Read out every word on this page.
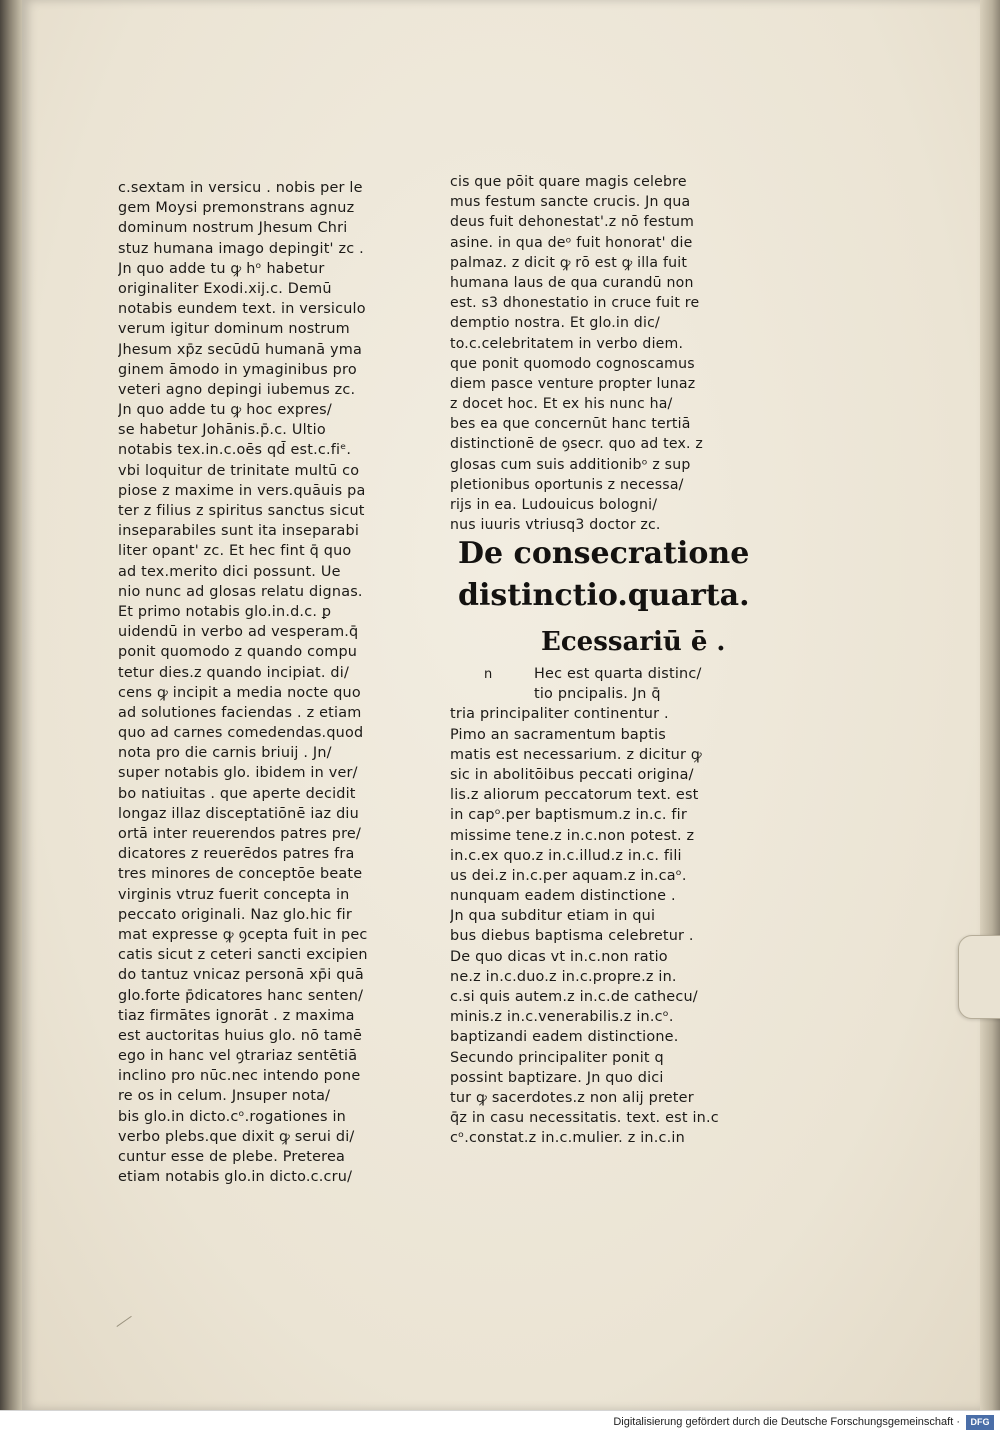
c.sextam in versicu . nobis per le
gem Moysi premonstrans agnuz
dominum nostrum Jhesum Chri
stuz humana imago depingit' zc .
Jn quo adde tu ꝙ hᵒ habetur
originaliter Exodi.xij.c. Demū
notabis eundem text. in versiculo
verum igitur dominum nostrum
Jhesum xp̄z secūdū humanā yma
ginem āmodo in ymaginibus pro
veteri agno depingi iubemus zc.
Jn quo adde tu ꝙ hoc expres/
se habetur Johānis.p̄.c. Ultio
notabis tex.in.c.oēs qd̄ est.c.fiᵉ.
vbi loquitur de trinitate multū co
piose z maxime in vers.quāuis pa
ter z filius z spiritus sanctus sicut
inseparabiles sunt ita inseparabi
liter opant' zc. Et hec fint q̄ quo
ad tex.merito dici possunt. Ue
nio nunc ad glosas relatu dignas.
Et primo notabis glo.in.d.c. ꝑ
uidendū in verbo ad vesperam.q̄
ponit quomodo z quando compu
tetur dies.z quando incipiat. di/
cens ꝙ incipit a media nocte quo
ad solutiones faciendas . z etiam
quo ad carnes comedendas.quod
nota pro die carnis briuij . Jn/
super notabis glo. ibidem in ver/
bo natiuitas . que aperte decidit
longaz illaz disceptatiōnē iaz diu
ortā inter reuerendos patres pre/
dicatores z reuerēdos patres fra
tres minores de conceptōe beate
virginis vtruz fuerit concepta in
peccato originali. Naz glo.hic fir
mat expresse ꝙ ꝯcepta fuit in pec
catis sicut z ceteri sancti excipien
do tantuz vnicaz personā xp̄i quā
glo.forte p̄dicatores hanc senten/
tiaz firmātes ignorāt . z maxima
est auctoritas huius glo. nō tamē
ego in hanc vel ꝯtrariaz sentētiā
inclino pro nūc.nec intendo pone
re os in celum. Jnsuper nota/
bis glo.in dicto.cᵒ.rogationes in
verbo plebs.que dixit ꝙ serui di/
cuntur esse de plebe. Preterea
etiam notabis glo.in dicto.c.cru/
cis que pōit quare magis celebre
mus festum sancte crucis. Jn qua
deus fuit dehonestat'.z nō festum
asine. in qua deᵒ fuit honorat' die
palmaz. z dicit ꝙ rō est ꝙ illa fuit
humana laus de qua curandū non
est. s3 dhonestatio in cruce fuit re
demptio nostra. Et glo.in dic/
to.c.celebritatem in verbo diem.
que ponit quomodo cognoscamus
diem pasce venture propter lunaz
z docet hoc. Et ex his nunc ha/
bes ea que concernūt hanc tertiā
distinctionē de ꝯsecr. quo ad tex. z
glosas cum suis additionibᵒ z sup
pletionibus oportunis z necessa/
rijs in ea. Ludouicus bologni/
nus iuuris vtriusq3 doctor zc.
De consecratione
distinctio.quarta.
Ecessariū ē .
n	Hec est quarta distinc/
tio pncipalis. Jn q̄
tria principaliter continentur .
Pimo an sacramentum baptis
matis est necessarium. z dicitur ꝙ
sic in abolitōibus peccati origina/
lis.z aliorum peccatorum text. est
in capᵒ.per baptismum.z in.c. fir
missime tene.z in.c.non potest. z
in.c.ex quo.z in.c.illud.z in.c. fili
us dei.z in.c.per aquam.z in.caᵒ.
nunquam eadem distinctione .
Jn qua subditur etiam in qui
bus diebus baptisma celebretur .
De quo dicas vt in.c.non ratio
ne.z in.c.duo.z in.c.propre.z in.
c.si quis autem.z in.c.de cathecu/
minis.z in.c.venerabilis.z in.cᵒ.
baptizandi eadem distinctione.
Secundo principaliter ponit q
possint baptizare. Jn quo dici
tur ꝙ sacerdotes.z non alij preter
q̄z in casu necessitatis. text. est in.c
cᵒ.constat.z in.c.mulier. z in.c.in
Digitalisierung gefördert durch die Deutsche Forschungsgemeinschaft ·	DFG
